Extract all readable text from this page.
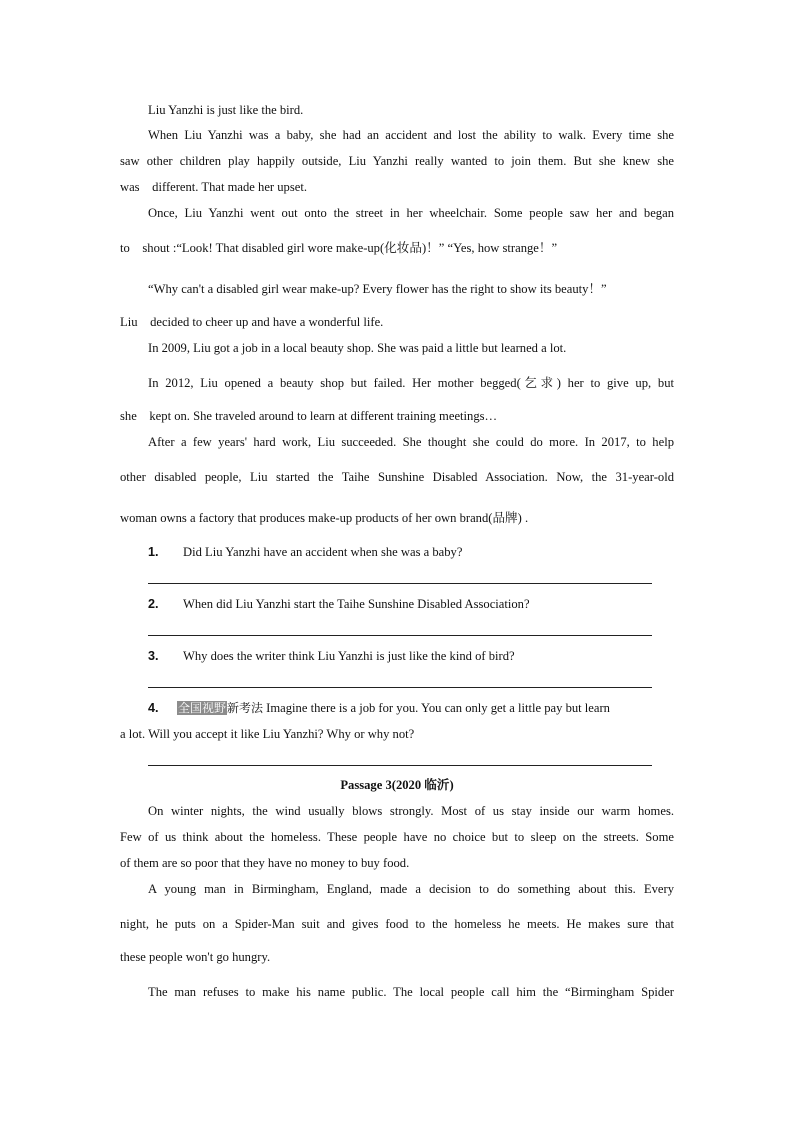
Liu Yanzhi is just like the bird.
When Liu Yanzhi was a baby, she had an accident and lost the ability to walk. Every time she
saw other children play happily outside, Liu Yanzhi really wanted to join them. But she knew she
was    different. That made her upset.
Once, Liu Yanzhi went out onto the street in her wheelchair. Some people saw her and began
to    shout :“Look! That disabled girl wore make-up(化妆品)！” “Yes, how strange！”
“Why can't a disabled girl wear make-up? Every flower has the right to show its beauty！”
Liu    decided to cheer up and have a wonderful life.
In 2009, Liu got a job in a local beauty shop. She was paid a little but learned a lot.
In 2012, Liu opened a beauty shop but failed. Her mother begged(乞求) her to give up, but
she    kept on. She traveled around to learn at different training meetings…
After a few years' hard work, Liu succeeded. She thought she could do more. In 2017, to help
other disabled people, Liu started the Taihe Sunshine Disabled Association. Now, the 31-year-old
woman owns a factory that produces make-up products of her own brand(品牌) .
1. Did Liu Yanzhi have an accident when she was a baby?
2. When did Liu Yanzhi start the Taihe Sunshine Disabled Association?
3. Why does the writer think Liu Yanzhi is just like the kind of bird?
4. 全国视野新考法 Imagine there is a job for you. You can only get a little pay but learn
a lot. Will you accept it like Liu Yanzhi? Why or why not?
Passage 3(2020 临沂)
On winter nights, the wind usually blows strongly. Most of us stay inside our warm homes.
Few of us think about the homeless. These people have no choice but to sleep on the streets. Some
of them are so poor that they have no money to buy food.
A young man in Birmingham, England, made a decision to do something about this. Every
night, he puts on a Spider-Man suit and gives food to the homeless he meets. He makes sure that
these people won't go hungry.
The man refuses to make his name public. The local people call him the “Birmingham Spider
